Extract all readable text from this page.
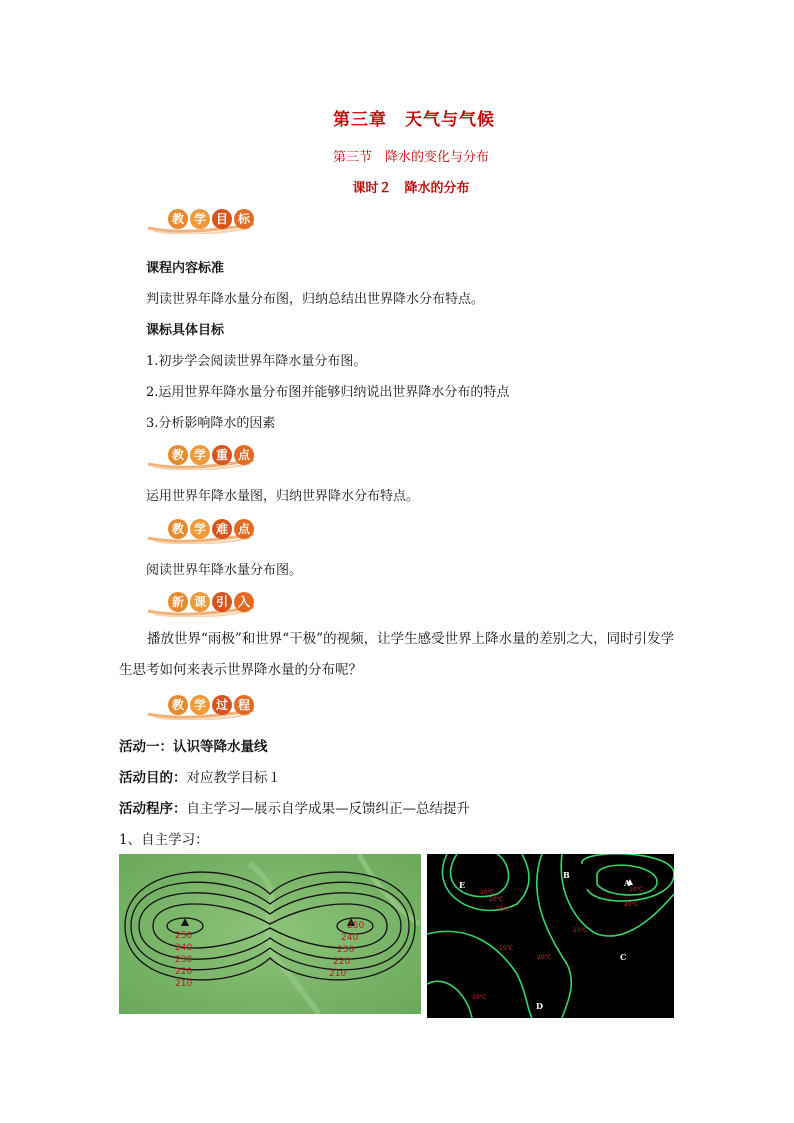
第三章　天气与气候
第三节　降水的变化与分布
课时２　降水的分布
教 学 目 标
课程内容标准
判读世界年降水量分布图，归纳总结出世界降水分布特点。
课标具体目标
1.初步学会阅读世界年降水量分布图。
2.运用世界年降水量分布图并能够归纳说出世界降水分布的特点
3.分析影响降水的因素
教 学 重 点
运用世界年降水量图，归纳世界降水分布特点。
教 学 难 点
阅读世界年降水量分布图。
新 课 引 入
播放世界“雨极”和世界“干极”的视频，让学生感受世界上降水量的差别之大，同时引发学生思考如何来表示世界降水量的分布呢？
教 学 过 程
活动一：认识等降水量线
活动目的：对应教学目标１
活动程序：自主学习—展示自学成果—反馈纠正—总结提升
1、自主学习：
250
240
230
220
210
250
240
230
220
210
E
B
A
C
D
10℃
20℃
15℃
10℃
20℃
10℃
15℃
20℃
10℃
